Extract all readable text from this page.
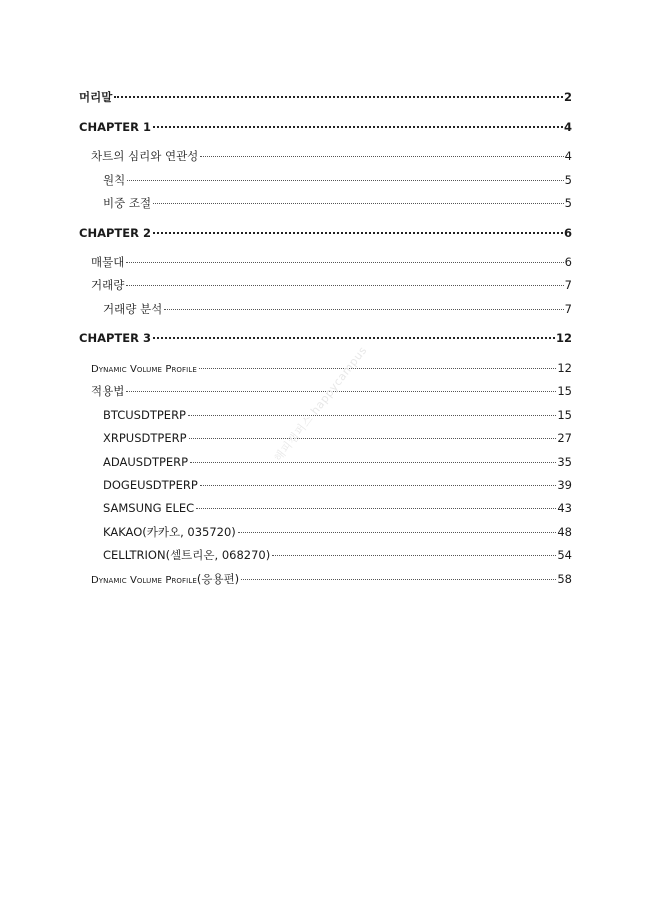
머리말	2
CHAPTER 1	4
차트의 심리와 연관성	4
원칙	5
비중 조절	5
CHAPTER 2	6
매물대	6
거래량	7
거래량 분석	7
CHAPTER 3	12
Dynamic Volume Profile	12
적용법	15
BTCUSDTPERP	15
XRPUSDTPERP	27
ADAUSDTPERP	35
DOGEUSDTPERP	39
SAMSUNG ELEC	43
KAKAO(카카오, 035720)	48
CELLTRION(셀트리온, 068270)	54
Dynamic Volume Profile(응용편)	58
해피캠퍼스 happycampus
